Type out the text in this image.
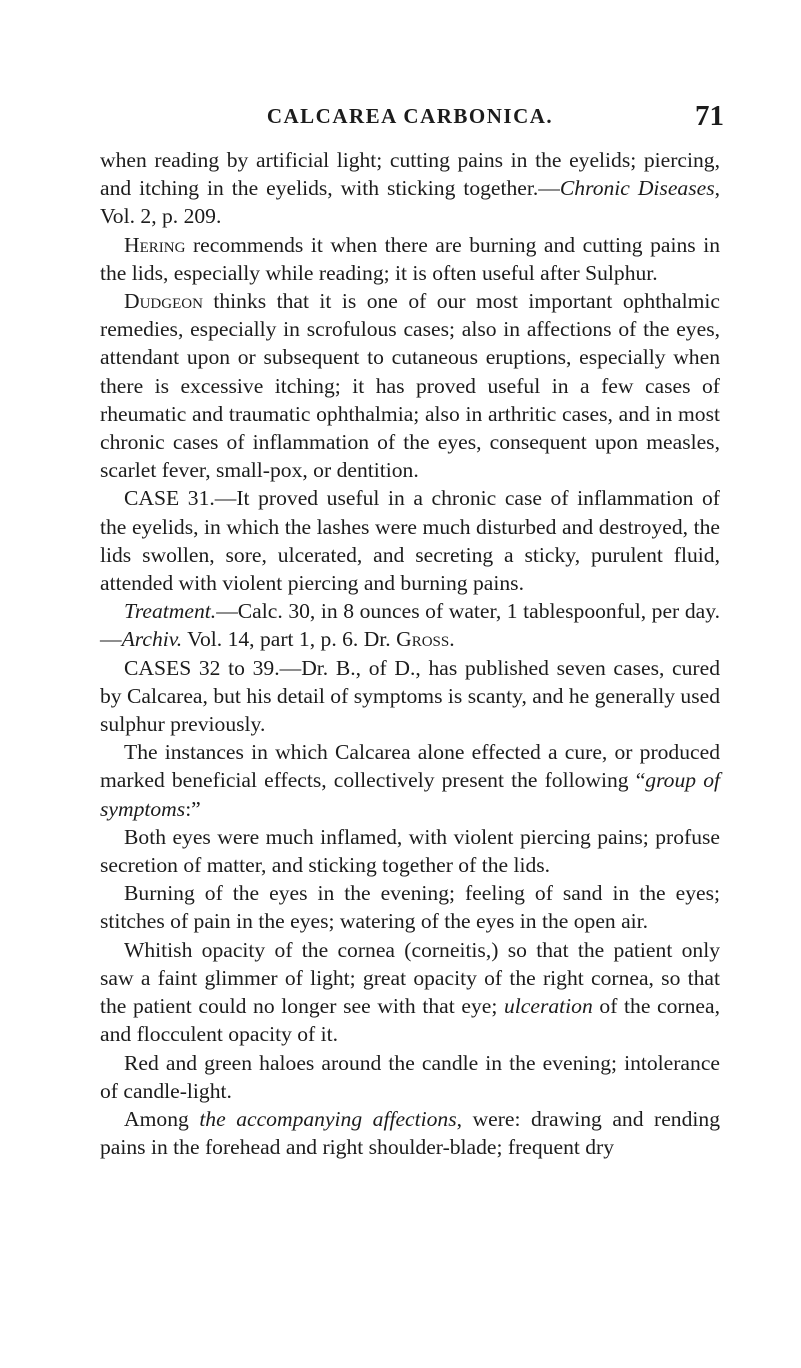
CALCAREA CARBONICA.	71

when reading by artificial light; cutting pains in the eyelids; piercing, and itching in the eyelids, with sticking together.—Chronic Diseases, Vol. 2, p. 209.

Hering recommends it when there are burning and cutting pains in the lids, especially while reading; it is often useful after Sulphur.

Dudgeon thinks that it is one of our most important ophthalmic remedies, especially in scrofulous cases; also in affections of the eyes, attendant upon or subsequent to cutaneous eruptions, especially when there is excessive itching; it has proved useful in a few cases of rheumatic and traumatic ophthalmia; also in arthritic cases, and in most chronic cases of inflammation of the eyes, consequent upon measles, scarlet fever, small-pox, or dentition.

CASE 31.—It proved useful in a chronic case of inflammation of the eyelids, in which the lashes were much disturbed and destroyed, the lids swollen, sore, ulcerated, and secreting a sticky, purulent fluid, attended with violent piercing and burning pains.

Treatment.—Calc. 30, in 8 ounces of water, 1 tablespoonful, per day.—Archiv. Vol. 14, part 1, p. 6. Dr. Gross.

CASES 32 to 39.—Dr. B., of D., has published seven cases, cured by Calcarea, but his detail of symptoms is scanty, and he generally used sulphur previously.

The instances in which Calcarea alone effected a cure, or produced marked beneficial effects, collectively present the following “group of symptoms:”

Both eyes were much inflamed, with violent piercing pains; profuse secretion of matter, and sticking together of the lids.

Burning of the eyes in the evening; feeling of sand in the eyes; stitches of pain in the eyes; watering of the eyes in the open air.

Whitish opacity of the cornea (corneitis,) so that the patient only saw a faint glimmer of light; great opacity of the right cornea, so that the patient could no longer see with that eye; ulceration of the cornea, and flocculent opacity of it.

Red and green haloes around the candle in the evening; intolerance of candle-light.

Among the accompanying affections, were: drawing and rending pains in the forehead and right shoulder-blade; frequent dry
